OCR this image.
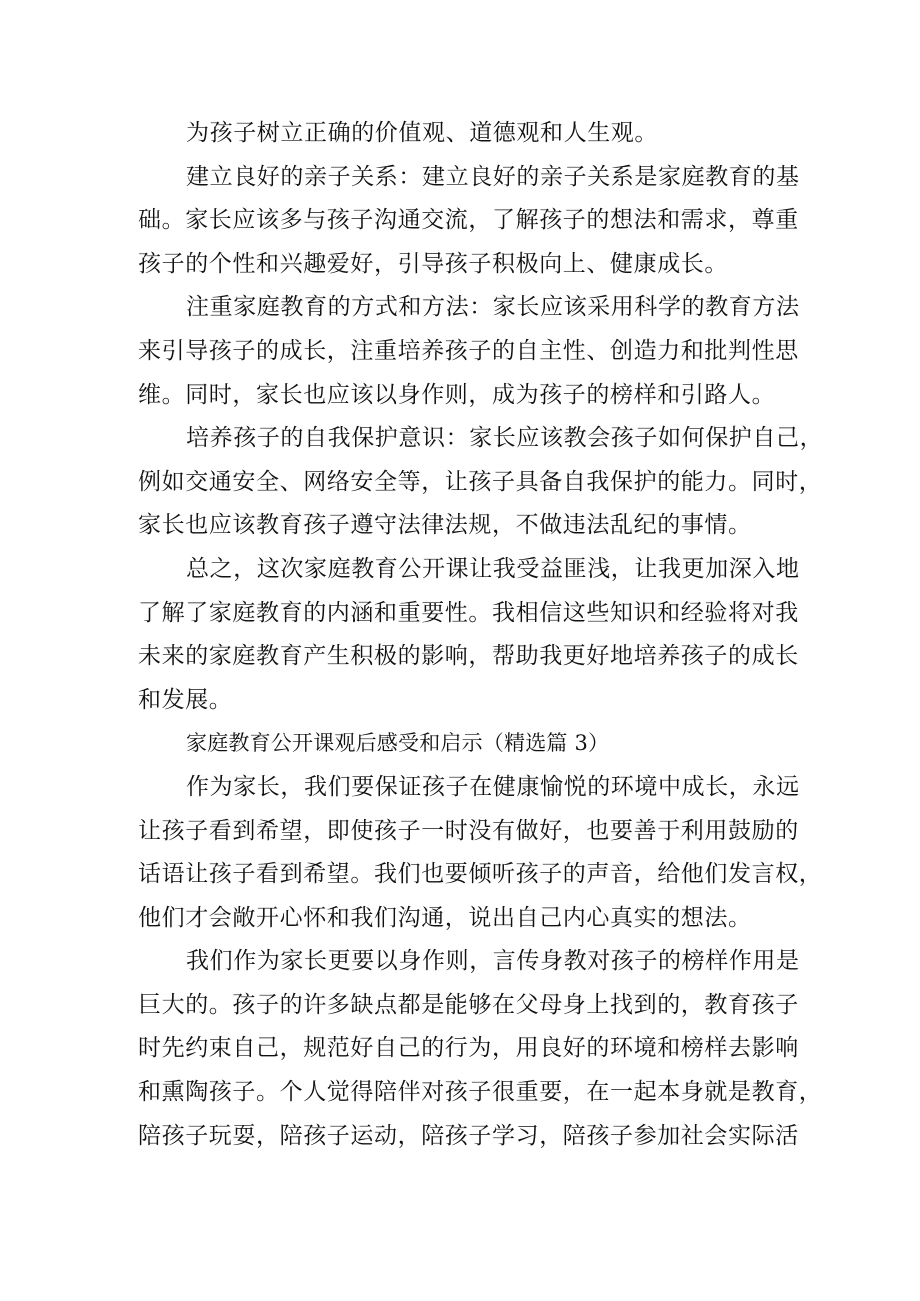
为孩子树立正确的价值观、道德观和人生观。
建立良好的亲子关系：建立良好的亲子关系是家庭教育的基
础。家长应该多与孩子沟通交流，了解孩子的想法和需求，尊重
孩子的个性和兴趣爱好，引导孩子积极向上、健康成长。
注重家庭教育的方式和方法：家长应该采用科学的教育方法
来引导孩子的成长，注重培养孩子的自主性、创造力和批判性思
维。同时，家长也应该以身作则，成为孩子的榜样和引路人。
培养孩子的自我保护意识：家长应该教会孩子如何保护自己，
例如交通安全、网络安全等，让孩子具备自我保护的能力。同时，
家长也应该教育孩子遵守法律法规，不做违法乱纪的事情。
总之，这次家庭教育公开课让我受益匪浅，让我更加深入地
了解了家庭教育的内涵和重要性。我相信这些知识和经验将对我
未来的家庭教育产生积极的影响，帮助我更好地培养孩子的成长
和发展。
家庭教育公开课观后感受和启示（精选篇 3）
作为家长，我们要保证孩子在健康愉悦的环境中成长，永远
让孩子看到希望，即使孩子一时没有做好，也要善于利用鼓励的
话语让孩子看到希望。我们也要倾听孩子的声音，给他们发言权，
他们才会敞开心怀和我们沟通，说出自己内心真实的想法。
我们作为家长更要以身作则，言传身教对孩子的榜样作用是
巨大的。孩子的许多缺点都是能够在父母身上找到的，教育孩子
时先约束自己，规范好自己的行为，用良好的环境和榜样去影响
和熏陶孩子。个人觉得陪伴对孩子很重要，在一起本身就是教育，
陪孩子玩耍，陪孩子运动，陪孩子学习，陪孩子参加社会实际活
